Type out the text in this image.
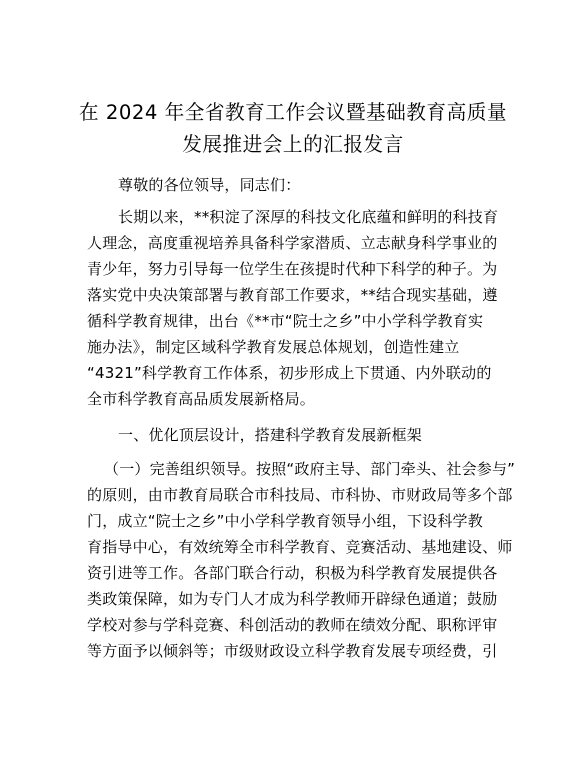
在 2024 年全省教育工作会议暨基础教育高质量
发展推进会上的汇报发言

尊敬的各位领导，同志们：

长期以来，**积淀了深厚的科技文化底蕴和鲜明的科技育

人理念，高度重视培养具备科学家潜质、立志献身科学事业的

青少年，努力引导每一位学生在孩提时代种下科学的种子。为

落实党中央决策部署与教育部工作要求，**结合现实基础，遵

循科学教育规律，出台《**市“院士之乡”中小学科学教育实

施办法》，制定区域科学教育发展总体规划，创造性建立

“4321”科学教育工作体系，初步形成上下贯通、内外联动的

全市科学教育高品质发展新格局。

一、优化顶层设计，搭建科学教育发展新框架

（一）完善组织领导。按照“政府主导、部门牵头、社会参与”

的原则，由市教育局联合市科技局、市科协、市财政局等多个部

门，成立“院士之乡”中小学科学教育领导小组，下设科学教

育指导中心，有效统筹全市科学教育、竞赛活动、基地建设、师

资引进等工作。各部门联合行动，积极为科学教育发展提供各

类政策保障，如为专门人才成为科学教师开辟绿色通道；鼓励

学校对参与学科竞赛、科创活动的教师在绩效分配、职称评审

等方面予以倾斜等；市级财政设立科学教育发展专项经费，引
